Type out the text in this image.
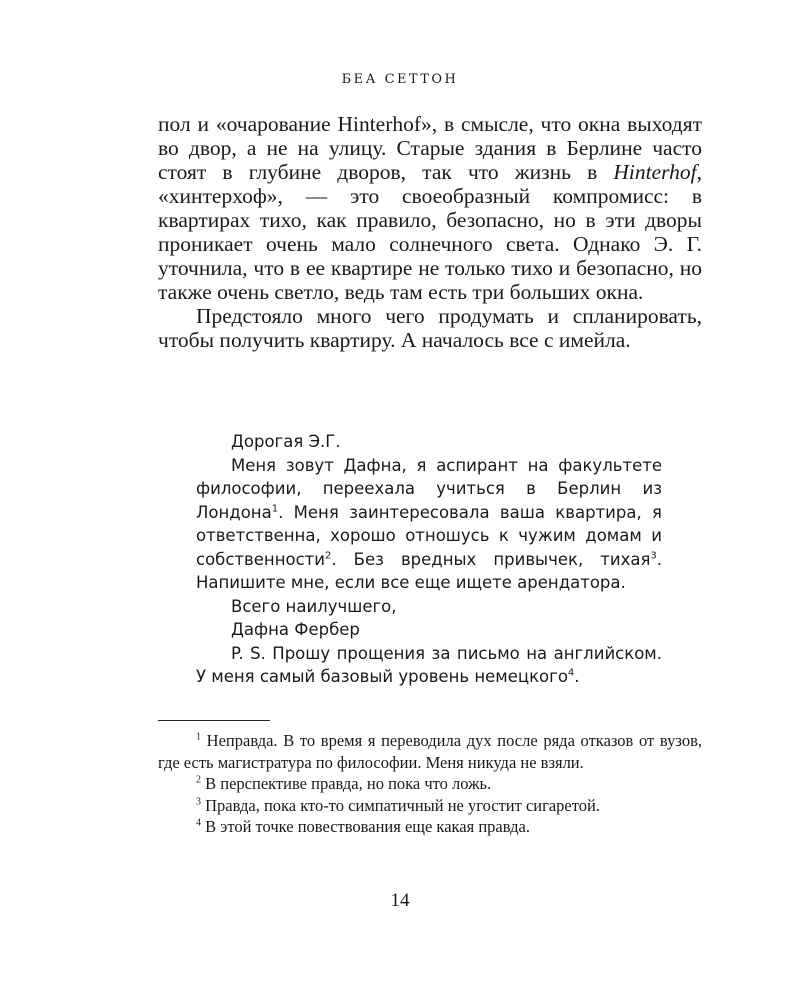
БЕА СЕТТОН

пол и «очарование Hinterhof», в смысле, что окна выходят во двор, а не на улицу. Старые здания в Берлине часто стоят в глубине дворов, так что жизнь в Hinterhof, «хинтерхоф», — это своеобразный компромисс: в квартирах тихо, как правило, безопасно, но в эти дворы проникает очень мало солнечного света. Однако Э. Г. уточнила, что в ее квартире не только тихо и безопасно, но также очень светло, ведь там есть три больших окна.

Предстояло много чего продумать и спланировать, чтобы получить квартиру. А началось все с имейла.

Дорогая Э.Г.

Меня зовут Дафна, я аспирант на факультете философии, переехала учиться в Берлин из Лондона$^1$. Меня заинтересовала ваша квартира, я ответственна, хорошо отношусь к чужим домам и собственности$^2$. Без вредных привычек, тихая$^3$. Напишите мне, если все еще ищете арендатора.

Всего наилучшего,

Дафна Фербер

P. S. Прошу прощения за письмо на английском. У меня самый базовый уровень немецкого$^4$.

$^1$ Неправда. В то время я переводила дух после ряда отказов от вузов, где есть магистратура по философии. Меня никуда не взяли.

$^2$ В перспективе правда, но пока что ложь.

$^3$ Правда, пока кто-то симпатичный не угостит сигаретой.

$^4$ В этой точке повествования еще какая правда.

14
